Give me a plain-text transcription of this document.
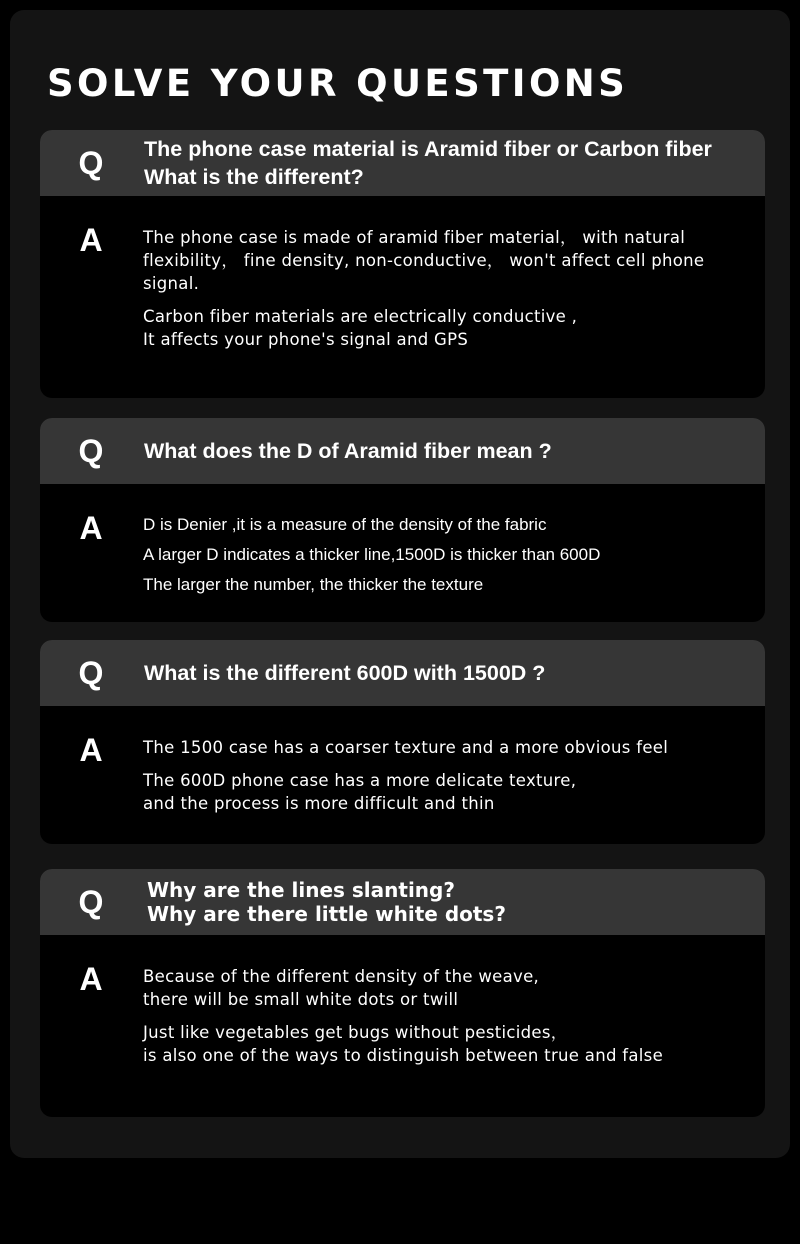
SOLVE YOUR QUESTIONS
Q The phone case material is Aramid fiber or Carbon fiber
What is the different?
A The phone case is made of aramid fiber material， with natural
flexibility， fine density, non-conductive， won't affect cell phone
signal.

Carbon fiber materials are electrically conductive ,
It affects your phone's signal and GPS

Q What does the D of Aramid fiber mean ?
A D is Denier ,it is a measure of the density of the fabric

A larger D indicates a thicker line,1500D is thicker than 600D

The larger the number, the thicker the texture

Q What is the different 600D with 1500D ?
A The 1500 case has a coarser texture and a more obvious feel

The 600D phone case has a more delicate texture,
and the process is more difficult and thin

Q Why are the lines slanting?
Why are there little white dots?
A Because of the different density of the weave,
there will be small white dots or twill

Just like vegetables get bugs without pesticides，
is also one of the ways to distinguish between true and false
